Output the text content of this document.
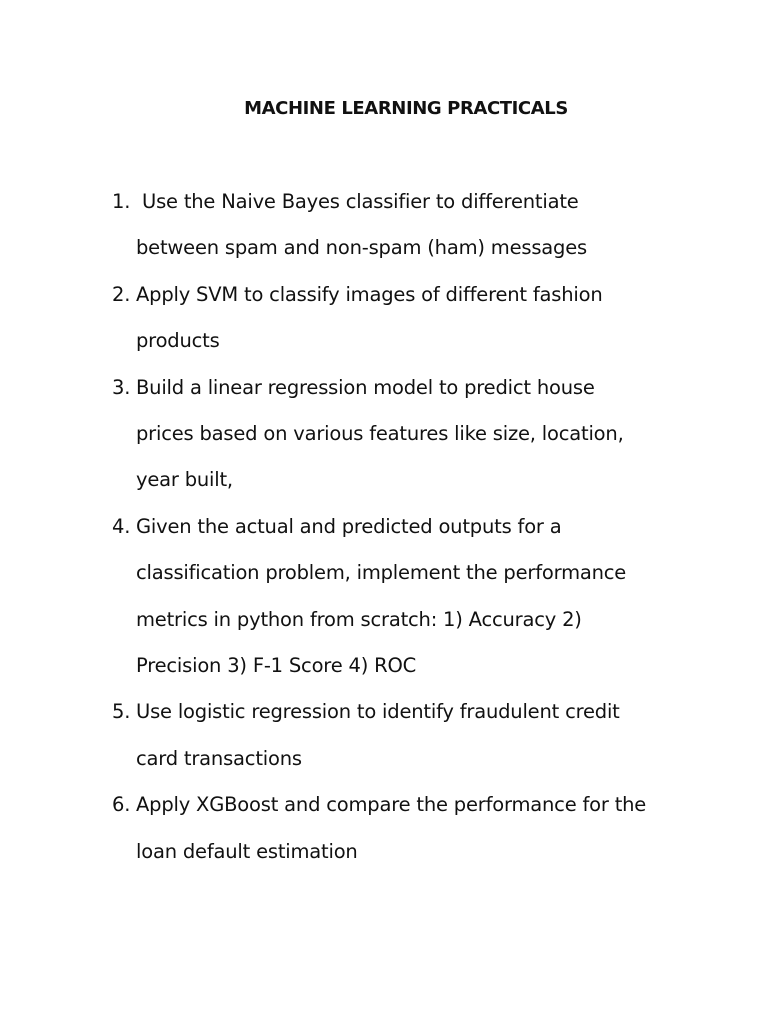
MACHINE LEARNING PRACTICALS
1. Use the Naive Bayes classifier to differentiate
between spam and non-spam (ham) messages
2. Apply SVM to classify images of different fashion
products
3. Build a linear regression model to predict house
prices based on various features like size, location,
year built,
4. Given the actual and predicted outputs for a
classification problem, implement the performance
metrics in python from scratch: 1) Accuracy 2)
Precision 3) F-1 Score 4) ROC
5. Use logistic regression to identify fraudulent credit
card transactions
6. Apply XGBoost and compare the performance for the
loan default estimation
